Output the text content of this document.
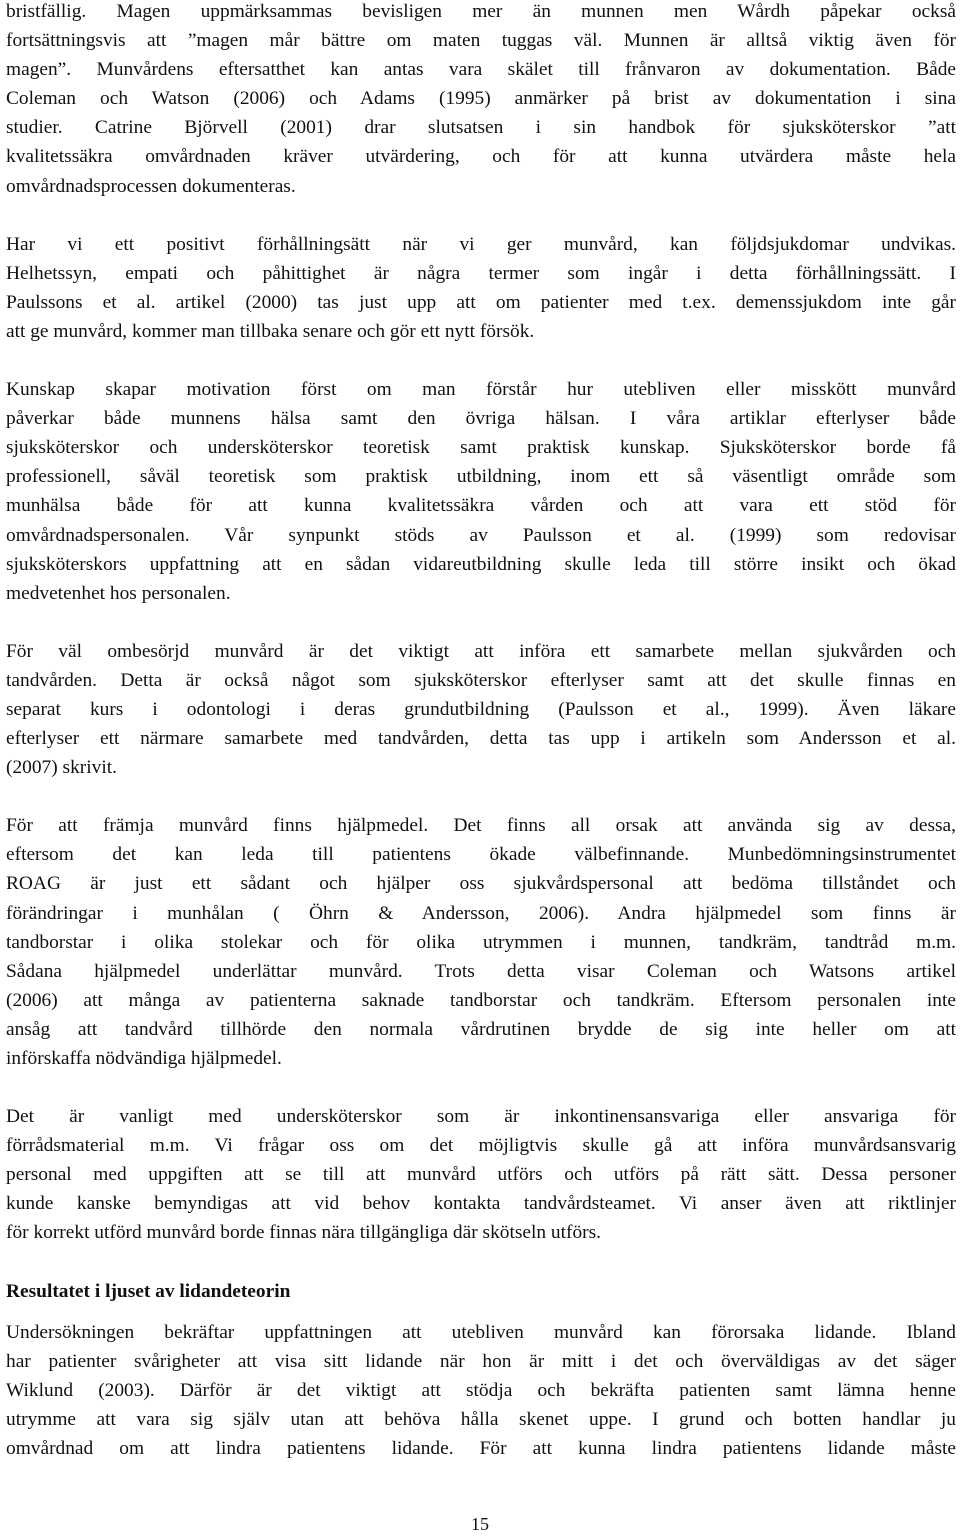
bristfällig. Magen uppmärksammas bevisligen mer än munnen men Wårdh påpekar också
fortsättningsvis att ”magen mår bättre om maten tuggas väl. Munnen är alltså viktig även för
magen”. Munvårdens eftersatthet kan antas vara skälet till frånvaron av dokumentation. Både
Coleman och Watson (2006) och Adams (1995) anmärker på brist av dokumentation i sina
studier. Catrine Björvell (2001) drar slutsatsen i sin handbok för sjuksköterskor ”att
kvalitetssäkra omvårdnaden kräver utvärdering, och för att kunna utvärdera måste hela
omvårdnadsprocessen dokumenteras.
Har vi ett positivt förhållningsätt när vi ger munvård, kan följdsjukdomar undvikas.
Helhetssyn, empati och påhittighet är några termer som ingår i detta förhållningssätt. I
Paulssons et al. artikel (2000) tas just upp att om patienter med t.ex. demenssjukdom inte går
att ge munvård, kommer man tillbaka senare och gör ett nytt försök.
Kunskap skapar motivation först om man förstår hur utebliven eller misskött munvård
påverkar både munnens hälsa samt den övriga hälsan. I våra artiklar efterlyser både
sjuksköterskor och undersköterskor teoretisk samt praktisk kunskap. Sjuksköterskor borde få
professionell, såväl teoretisk som praktisk utbildning, inom ett så väsentligt område som
munhälsa både för att kunna kvalitetssäkra vården och att vara ett stöd för
omvårdnadspersonalen. Vår synpunkt stöds av Paulsson et al. (1999) som redovisar
sjuksköterskors uppfattning att en sådan vidareutbildning skulle leda till större insikt och ökad
medvetenhet hos personalen.
För väl ombesörjd munvård är det viktigt att införa ett samarbete mellan sjukvården och
tandvården. Detta är också något som sjuksköterskor efterlyser samt att det skulle finnas en
separat kurs i odontologi i deras grundutbildning (Paulsson et al., 1999). Även läkare
efterlyser ett närmare samarbete med tandvården, detta tas upp i artikeln som Andersson et al.
(2007) skrivit.
För att främja munvård finns hjälpmedel. Det finns all orsak att använda sig av dessa,
eftersom det kan leda till patientens ökade välbefinnande. Munbedömningsinstrumentet
ROAG är just ett sådant och hjälper oss sjukvårdspersonal att bedöma tillståndet och
förändringar i munhålan ( Öhrn & Andersson, 2006). Andra hjälpmedel som finns är
tandborstar i olika stolekar och för olika utrymmen i munnen, tandkräm, tandtråd m.m.
Sådana hjälpmedel underlättar munvård. Trots detta visar Coleman och Watsons artikel
(2006) att många av patienterna saknade tandborstar och tandkräm. Eftersom personalen inte
ansåg att tandvård tillhörde den normala vårdrutinen brydde de sig inte heller om att
införskaffa nödvändiga hjälpmedel.
Det är vanligt med undersköterskor som är inkontinensansvariga eller ansvariga för
förrådsmaterial m.m. Vi frågar oss om det möjligtvis skulle gå att införa munvårdsansvarig
personal med uppgiften att se till att munvård utförs och utförs på rätt sätt. Dessa personer
kunde kanske bemyndigas att vid behov kontakta tandvårdsteamet. Vi anser även att riktlinjer
för korrekt utförd munvård borde finnas nära tillgängliga där skötseln utförs.
Resultatet i ljuset av lidandeteorin
Undersökningen bekräftar uppfattningen att utebliven munvård kan förorsaka lidande. Ibland
har patienter svårigheter att visa sitt lidande när hon är mitt i det och överväldigas av det säger
Wiklund (2003). Därför är det viktigt att stödja och bekräfta patienten samt lämna henne
utrymme att vara sig själv utan att behöva hålla skenet uppe. I grund och botten handlar ju
omvårdnad om att lindra patientens lidande. För att kunna lindra patientens lidande måste
15
